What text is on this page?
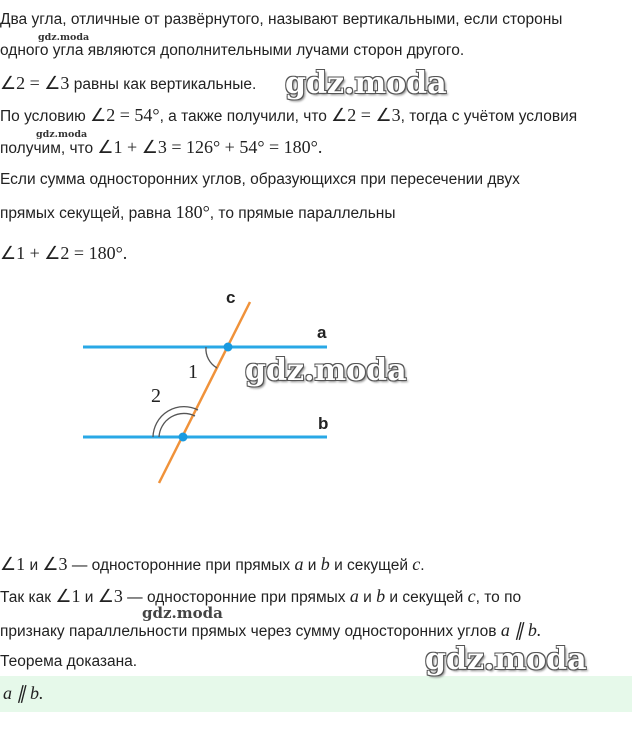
Два угла, отличные от развёрнутого, называют вертикальными, если стороны
одного угла являются дополнительными лучами сторон другого.
∠2 = ∠3 равны как вертикальные.
По условию ∠2 = 54°, а также получили, что ∠2 = ∠3, тогда с учётом условия
получим, что ∠1 + ∠3 = 126° + 54° = 180°.
Если сумма односторонних углов, образующихся при пересечении двух
прямых секущей, равна 180°, то прямые параллельны
∠1 + ∠2 = 180°.
c
a
b
1
2
∠1 и ∠3 — односторонние при прямых a и b и секущей c.
Так как ∠1 и ∠3 — односторонние при прямых a и b и секущей c, то по
признаку параллельности прямых через сумму односторонних углов a ∥ b.
Теорема доказана.
a ∥ b.
gdz.moda
gdz.moda
gdz.moda
gdz.moda
gdz.moda
gdz.moda
